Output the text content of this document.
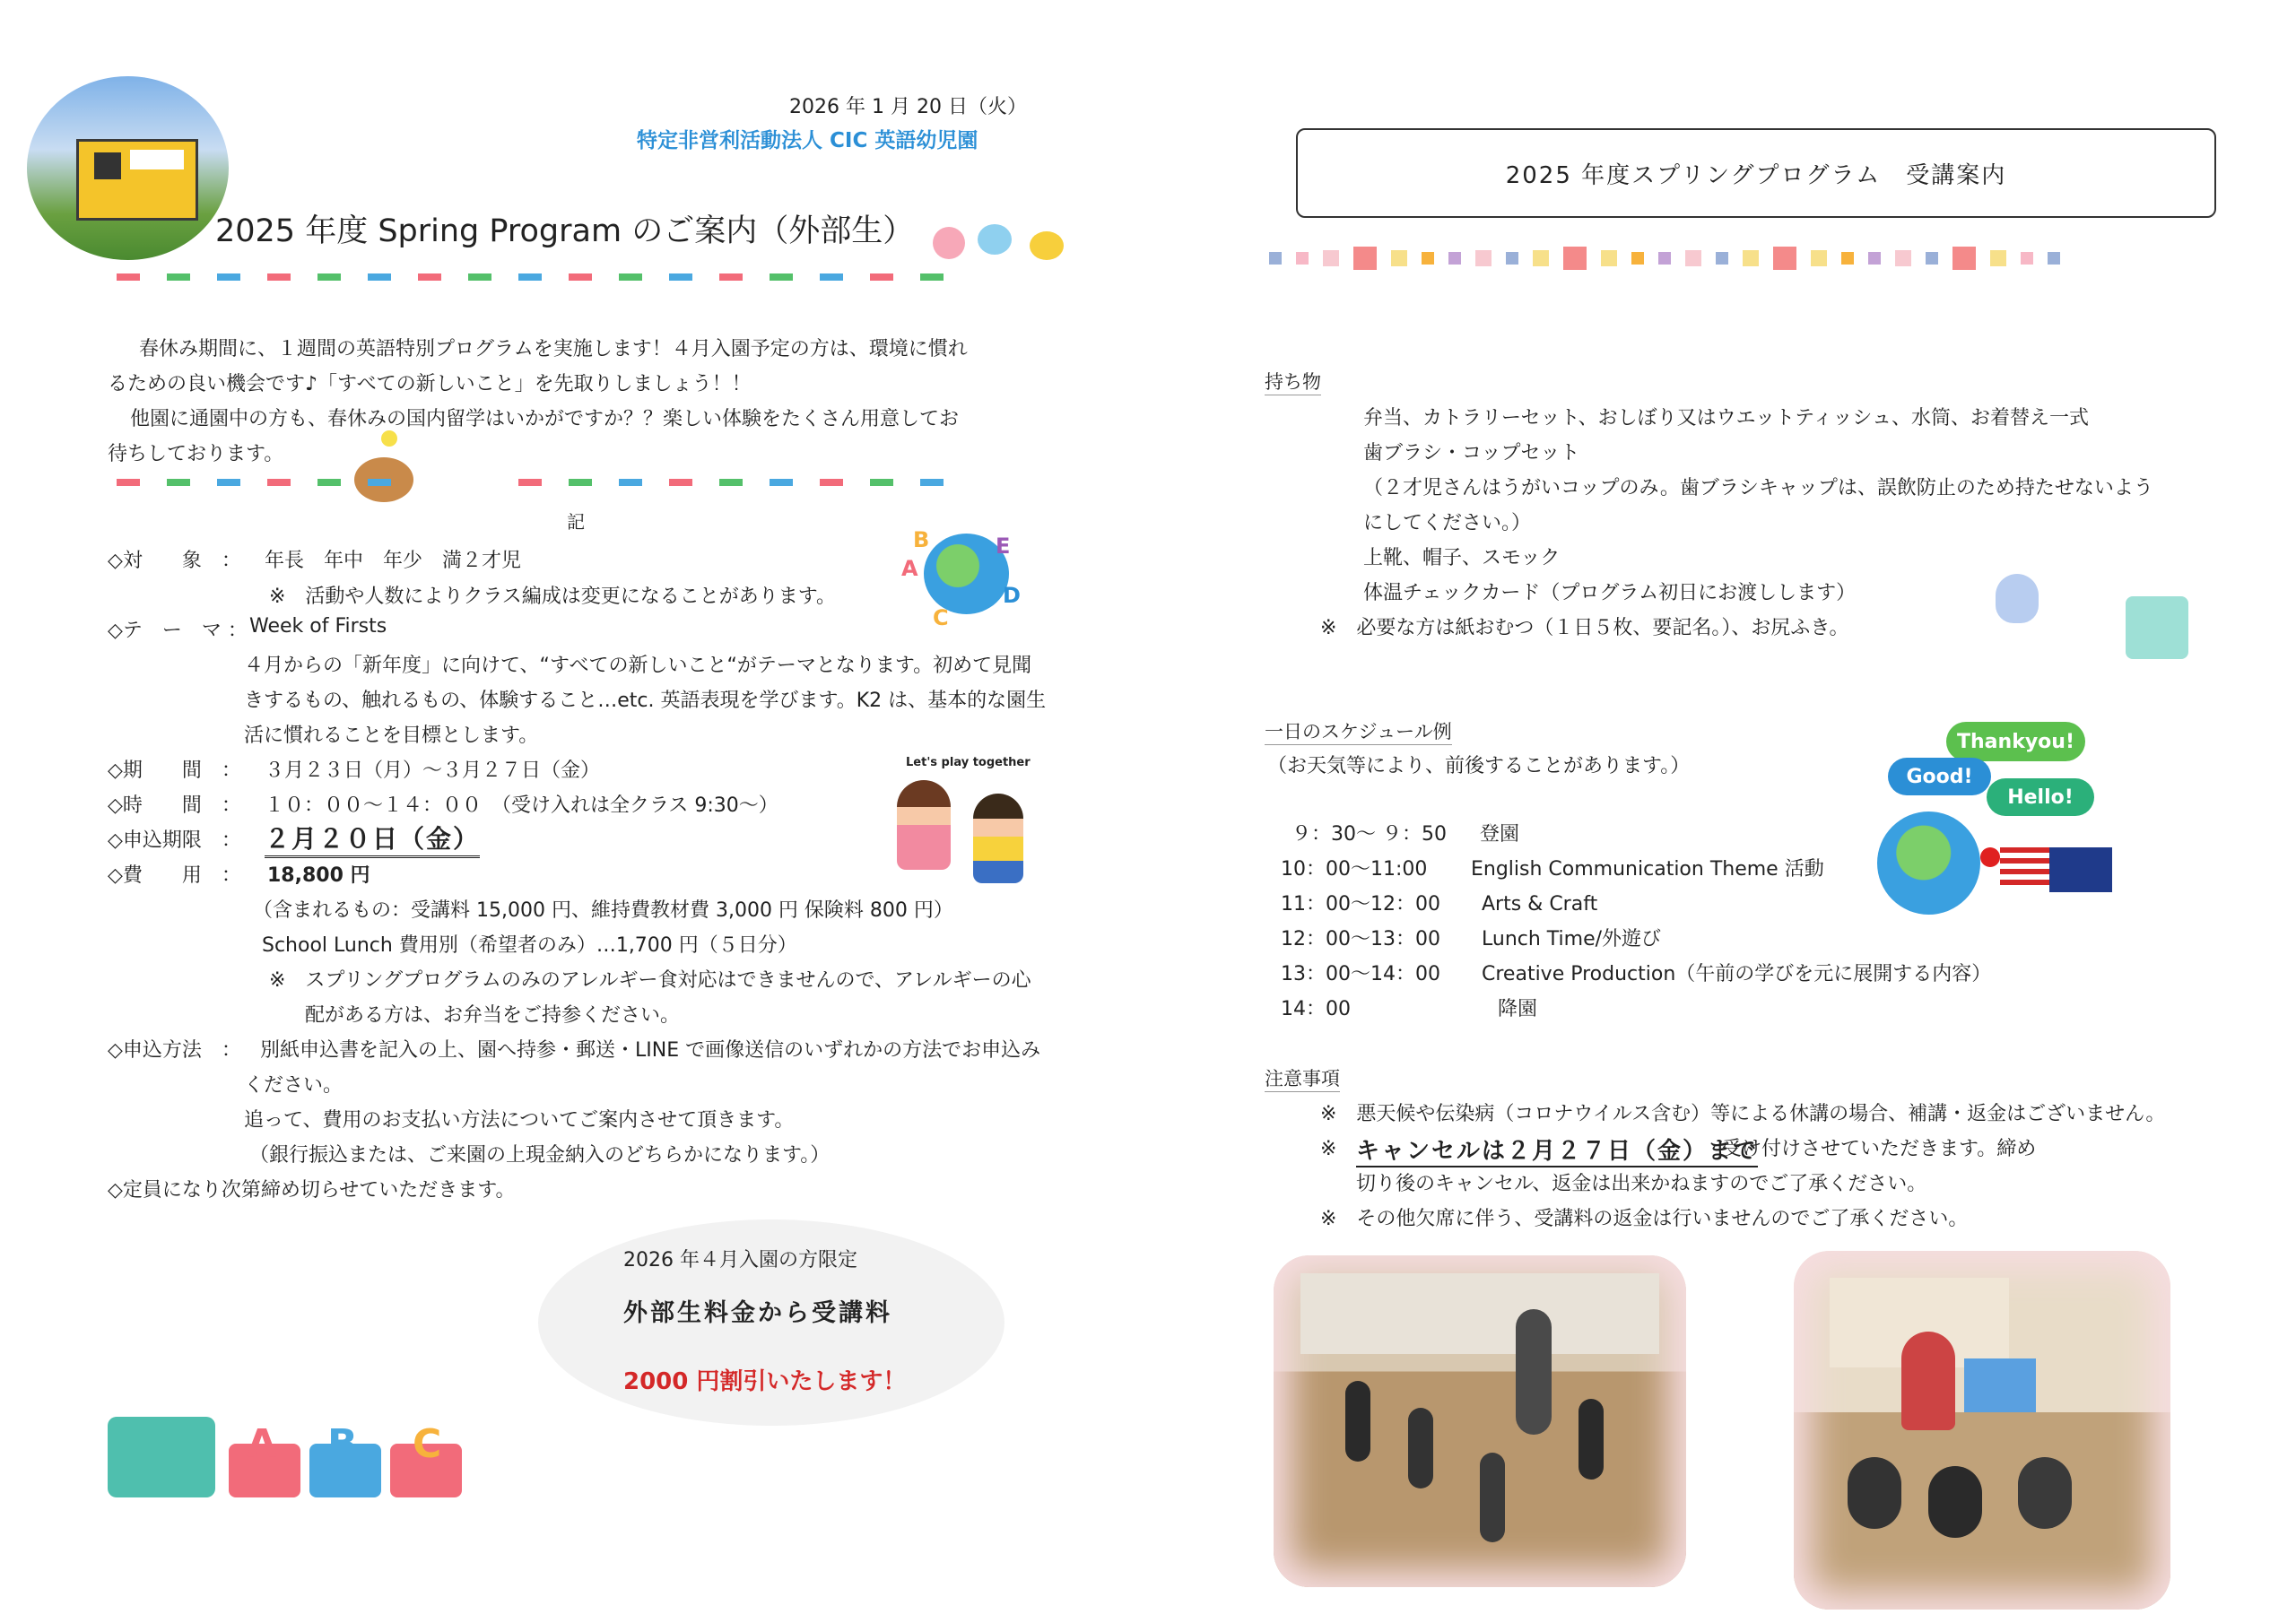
2026 年 1 月 20 日（火）
特定非営利活動法人 CIC 英語幼児園
2025 年度 Spring Program のご案内（外部生）
春休み期間に、１週間の英語特別プログラムを実施します！４月入園予定の方は、環境に慣れ
るための良い機会です♪「すべての新しいこと」を先取りしましょう！！
他園に通園中の方も、春休みの国内留学はいかがですか？？楽しい体験をたくさん用意してお
待ちしております。
記
A
B
C
D
E
◇対　　象　： 年長　年中　年少　満２才児
※　活動や人数によりクラス編成は変更になることがあります。
◇テ　ー　マ ： Week of Firsts
４月からの「新年度」に向けて、“すべての新しいこと“がテーマとなります。初めて見聞
きするもの、触れるもの、体験すること…etc. 英語表現を学びます。K2 は、基本的な園生
活に慣れることを目標とします。
◇期　　間　： ３月２３日（月）～３月２７日（金）
◇時　　間　： １０：００～１４：００　（受け入れは全クラス 9:30～）
◇申込期限　： ２月２０日（金）
◇費　　用　： 18,800 円
（含まれるもの：受講料 15,000 円、維持費教材費 3,000 円 保険料 800 円）
School Lunch 費用別（希望者のみ）…1,700 円（５日分）
※　スプリングプログラムのみのアレルギー食対応はできませんので、アレルギーの心
配がある方は、お弁当をご持参ください。
◇申込方法　： 別紙申込書を記入の上、園へ持参・郵送・LINE で画像送信のいずれかの方法でお申込み
ください。
追って、費用のお支払い方法についてご案内させて頂きます。
（銀行振込または、ご来園の上現金納入のどちらかになります。）
◇定員になり次第締め切らせていただきます。
Let's play together
2026 年４月入園の方限定
外部生料金から受講料
2000 円割引いたします！
A B C
2025 年度スプリングプログラム　受講案内
持ち物
弁当、カトラリーセット、おしぼり又はウエットティッシュ、水筒、お着替え一式
歯ブラシ・コップセット
（２才児さんはうがいコップのみ。歯ブラシキャップは、誤飲防止のため持たせないよう
にしてください。）
上靴、帽子、スモック
体温チェックカード（プログラム初日にお渡しします）
※　必要な方は紙おむつ（１日５枚、要記名。）、お尻ふき。
一日のスケジュール例
（お天気等により、前後することがあります。）
９：30～ ９：50 登園
10：00～11:00 English Communication Theme 活動
11：00～12：00 Arts & Craft
12：00～13：00 Lunch Time/外遊び
13：00～14：00 Creative Production（午前の学びを元に展開する内容）
14：00	降園
Thankyou!
Good!
Hello!
注意事項
※　悪天候や伝染病（コロナウイルス含む）等による休講の場合、補講・返金はございません。
※ キャンセルは２月２７日（金）まで
受け付けさせていただきます。締め
切り後のキャンセル、返金は出来かねますのでご了承ください。
※　その他欠席に伴う、受講料の返金は行いませんのでご了承ください。
